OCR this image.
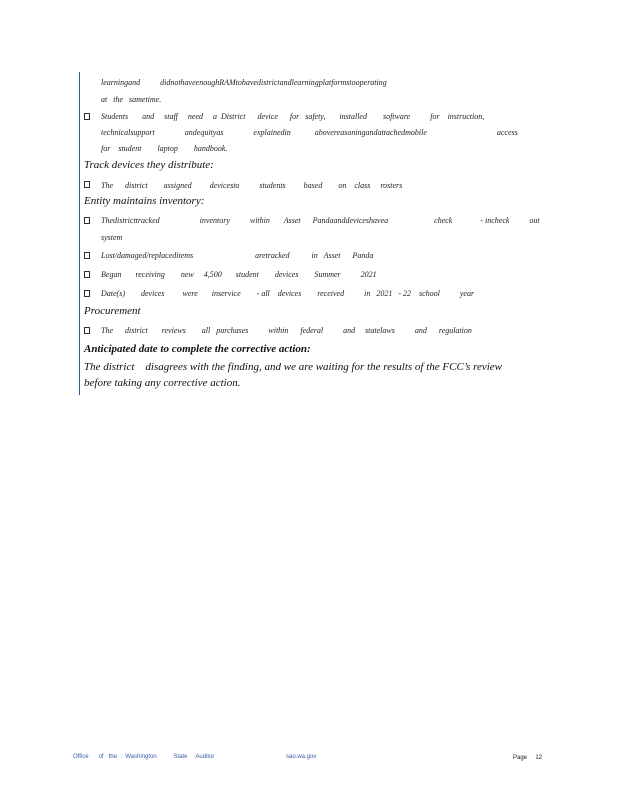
learningand          didnothaveenoughRAMtohavedistrictandlearningplatformstooperating
at   the   sametime.
Students       and     staff     need     a  District      device      for   safety,       installed        software          for    instruction,
technicalsupport               andequityas               explainedin            abovereasoningandattachedmobile                                   access
for    student        laptop        handbook.
Track devices they distribute:
The      district        assigned         devicesto          students         based        on    class     rosters
Entity maintains inventory:
Thedistricttracked                    inventory          within       Asset      Pandaanddeviceshavea                       check              - incheck          out
system
Lost/damaged/replaceditems                               aretracked           in   Asset      Panda
Began       receiving        new     4,500       student        devices        Summer          2021
Date(s)        devices         were       inservice        - all    devices        received          in   2021   - 22    school          year
Procurement
The      district       reviews        all   purchases          within      federal          and     statelaws          and      regulation
Anticipated date to complete the corrective action:
The district    disagrees with the finding, and we are waiting for the results of the FCC’s review
before taking any corrective action.
Office      of   the     Washington          State     Auditor	sao.wa.gov	Page     12
